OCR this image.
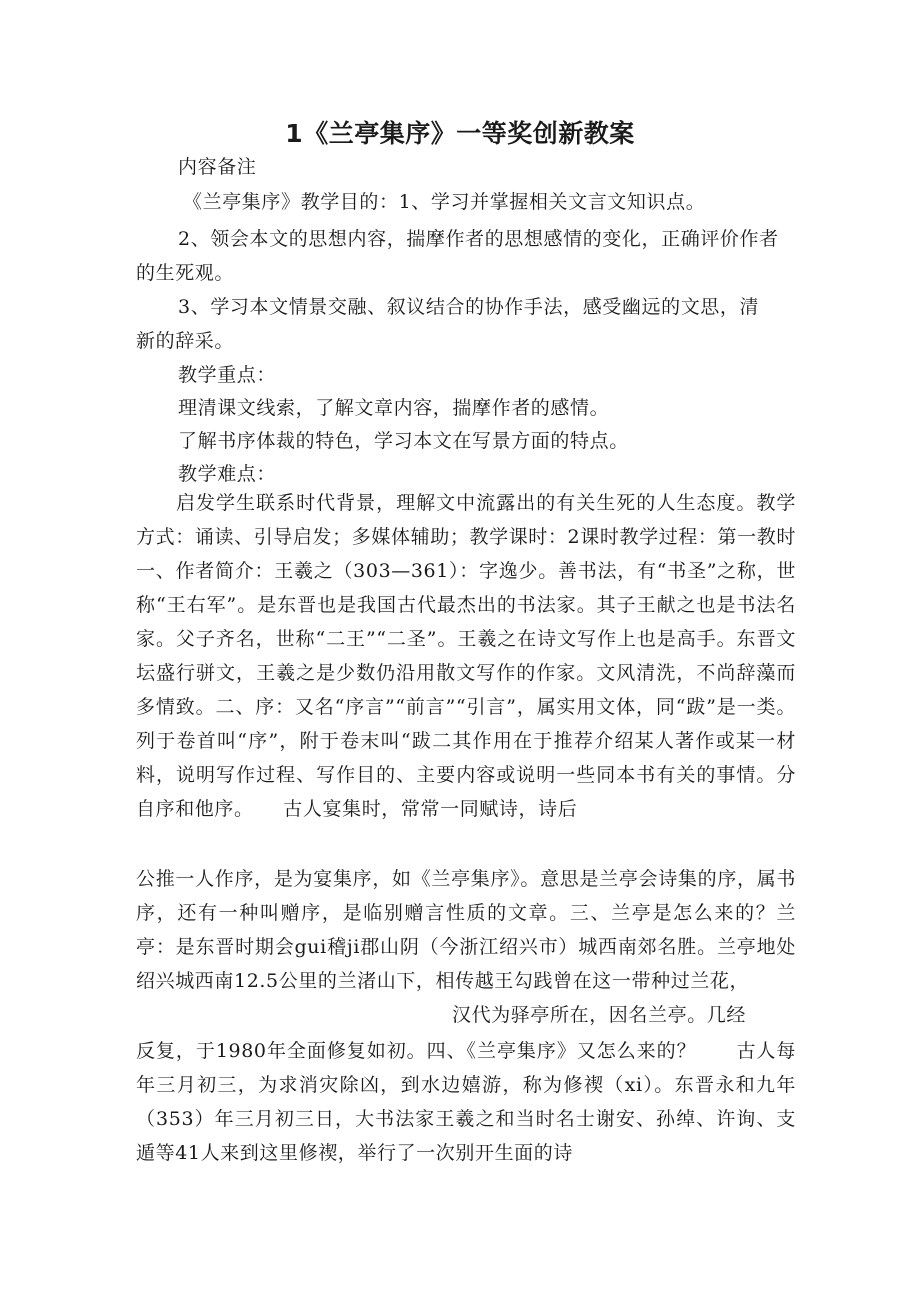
1《兰亭集序》一等奖创新教案
内容备注
《兰亭集序》教学目的：1、学习并掌握相关文言文知识点。
2、领会本文的思想内容，揣摩作者的思想感情的变化，正确评价作者
的生死观。
3、学习本文情景交融、叙议结合的协作手法，感受幽远的文思，清
新的辞采。
教学重点：
理清课文线索，了解文章内容，揣摩作者的感情。
了解书序体裁的特色，学习本文在写景方面的特点。
教学难点：
启发学生联系时代背景，理解文中流露出的有关生死的人生态度。教学方式：诵读、引导启发；多媒体辅助；教学课时：2课时教学过程：第一教时一、作者简介：王羲之（303—361）：字逸少。善书法，有“书圣”之称，世称“王右军”。是东晋也是我国古代最杰出的书法家。其子王献之也是书法名家。父子齐名，世称“二王”“二圣”。王羲之在诗文写作上也是高手。东晋文坛盛行骈文，王羲之是少数仍沿用散文写作的作家。文风清洗，不尚辞藻而多情致。二、序：又名“序言”“前言”“引言”，属实用文体，同“跋”是一类。列于卷首叫“序”，附于卷末叫“跋二其作用在于推荐介绍某人著作或某一材料，说明写作过程、写作目的、主要内容或说明一些同本书有关的事情。分自序和他序。　　古人宴集时，常常一同赋诗，诗后
公推一人作序，是为宴集序，如《兰亭集序》。意思是兰亭会诗集的序，属书序，还有一种叫赠序，是临别赠言性质的文章。三、兰亭是怎么来的？兰亭：是东晋时期会gui稽ji郡山阴（今浙江绍兴市）城西南郊名胜。兰亭地处绍兴城西南12.5公里的兰渚山下，相传越王勾践曾在这一带种过兰花，
汉代为驿亭所在，因名兰亭。几经
反复，于1980年全面修复如初。四、《兰亭集序》又怎么来的？　　古人每年三月初三，为求消灾除凶，到水边嬉游，称为修禊（xi）。东晋永和九年（353）年三月初三日，大书法家王羲之和当时名士谢安、孙绰、许询、支遁等41人来到这里修禊，举行了一次别开生面的诗
